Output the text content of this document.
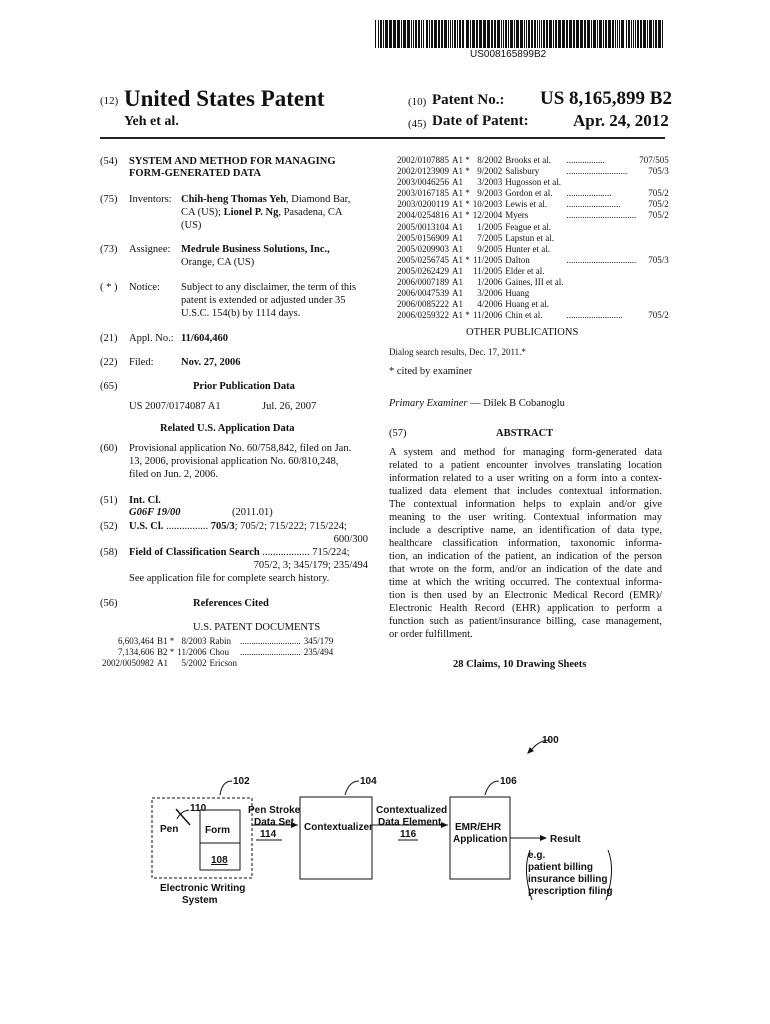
US008165899B2
(12) United States Patent
Yeh et al.
(10) Patent No.: US 8,165,899 B2
(45) Date of Patent:	Apr. 24, 2012
(54) SYSTEM AND METHOD FOR MANAGING
FORM-GENERATED DATA
(75) Inventors: Chih-heng Thomas Yeh, Diamond Bar,
CA (US); Lionel P. Ng, Pasadena, CA
(US)
(73) Assignee: Medrule Business Solutions, Inc.,
Orange, CA (US)
( * ) Notice: Subject to any disclaimer, the term of this
patent is extended or adjusted under 35
U.S.C. 154(b) by 1114 days.
(21) Appl. No.: 11/604,460
(22) Filed:	Nov. 27, 2006
(65)	Prior Publication Data
US 2007/0174087 A1	Jul. 26, 2007
Related U.S. Application Data
(60) Provisional application No. 60/758,842, filed on Jan.
13, 2006, provisional application No. 60/810,248,
filed on Jun. 2, 2006.
(51) Int. Cl.
G06F 19/00	(2011.01)
(52) U.S. Cl. ................ 705/3; 705/2; 715/222; 715/224;
600/300
(58) Field of Classification Search .................. 715/224;
705/2, 3; 345/179; 235/494
See application file for complete search history.
(56)	References Cited
U.S. PATENT DOCUMENTS
6,603,464	B1 *	8/2003	Rabin	...........................	345/179
7,134,606	B2 *	11/2006	Chou	...........................	235/494
2002/0050982	A1	5/2002	Ericson		
2002/0107885	A1 *	8/2002	Brooks et al.	.................	707/505
2002/0123909	A1 *	9/2002	Salisbury	...........................	705/3
2003/0046256	A1	3/2003	Hugosson et al.		
2003/0167185	A1 *	9/2003	Gordon et al.	....................	705/2
2003/0200119	A1 *	10/2003	Lewis et al.	........................	705/2
2004/0254816	A1 *	12/2004	Myers	...............................	705/2
2005/0013104	A1	1/2005	Feague et al.		
2005/0156909	A1	7/2005	Lapstun et al.		
2005/0209903	A1	9/2005	Hunter et al.		
2005/0256745	A1 *	11/2005	Dalton	...............................	705/3
2005/0262429	A1	11/2005	Elder et al.		
2006/0007189	A1	1/2006	Gaines, III et al.		
2006/0047539	A1	3/2006	Huang		
2006/0085222	A1	4/2006	Huang et al.		
2006/0259322	A1 *	11/2006	Chin et al.	.........................	705/2
OTHER PUBLICATIONS
Dialog search results, Dec. 17, 2011.*
* cited by examiner
Primary Examiner — Dilek B Cobanoglu
(57)	ABSTRACT
A system and method for managing form-generated data
related to a patient encounter involves translating location
information related to a user writing on a form into a contex-
tualized data element that includes contextual information.
The contextual information helps to explain and/or give
meaning to the user writing. Contextual information may
include a descriptive name, an identification of data type,
healthcare classification information, taxonomic informa-
tion, an indication of the patient, an indication of the person
that wrote on the form, and/or an indication of the date and
time at which the writing occurred. The contextual informa-
tion is then used by an Electronic Medical Record (EMR)/
Electronic Health Record (EHR) application to perform a
function such as patient/insurance billing, case management,
or order fulfillment.
28 Claims, 10 Drawing Sheets
100
102	104	106
110
Pen	Form
108
Electronic Writing
System
Pen Stroke
Data Set
114
Contextualizer
Contextualized
Data Element
116
EMR/EHR
Application	Result
e.g.
patient billing
insurance billing
prescription filing
